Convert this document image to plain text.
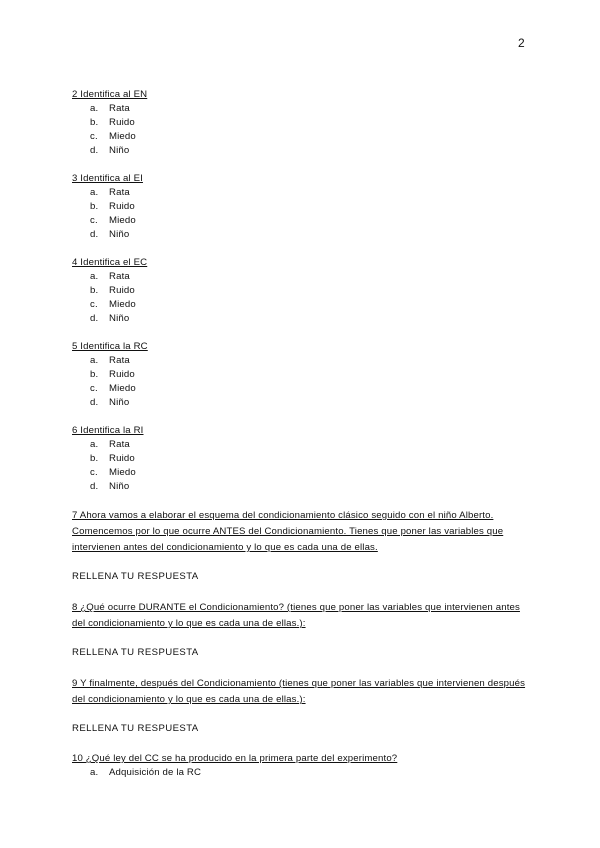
2
2 Identifica al EN
a. Rata
b. Ruido
c. Miedo
d. Niño
3 Identifica al EI
a. Rata
b. Ruido
c. Miedo
d. Niño
4 Identifica el EC
a. Rata
b. Ruido
c. Miedo
d. Niño
5 Identifica la RC
a. Rata
b. Ruido
c. Miedo
d. Niño
6 Identifica la RI
a. Rata
b. Ruido
c. Miedo
d. Niño
7 Ahora vamos a elaborar el esquema del condicionamiento clásico seguido con el niño Alberto. Comencemos por lo que ocurre ANTES del Condicionamiento. Tienes que poner las variables que intervienen antes del condicionamiento y lo que es cada una de ellas.
RELLENA TU RESPUESTA
8 ¿Qué ocurre DURANTE el Condicionamiento? (tienes que poner las variables que intervienen antes del condicionamiento y lo que es cada una de ellas.):
RELLENA TU RESPUESTA
9 Y finalmente, después del Condicionamiento (tienes que poner las variables que intervienen después del condicionamiento y lo que es cada una de ellas.):
RELLENA TU RESPUESTA
10 ¿Qué ley del CC se ha producido en la primera parte del experimento?
a. Adquisición de la RC
